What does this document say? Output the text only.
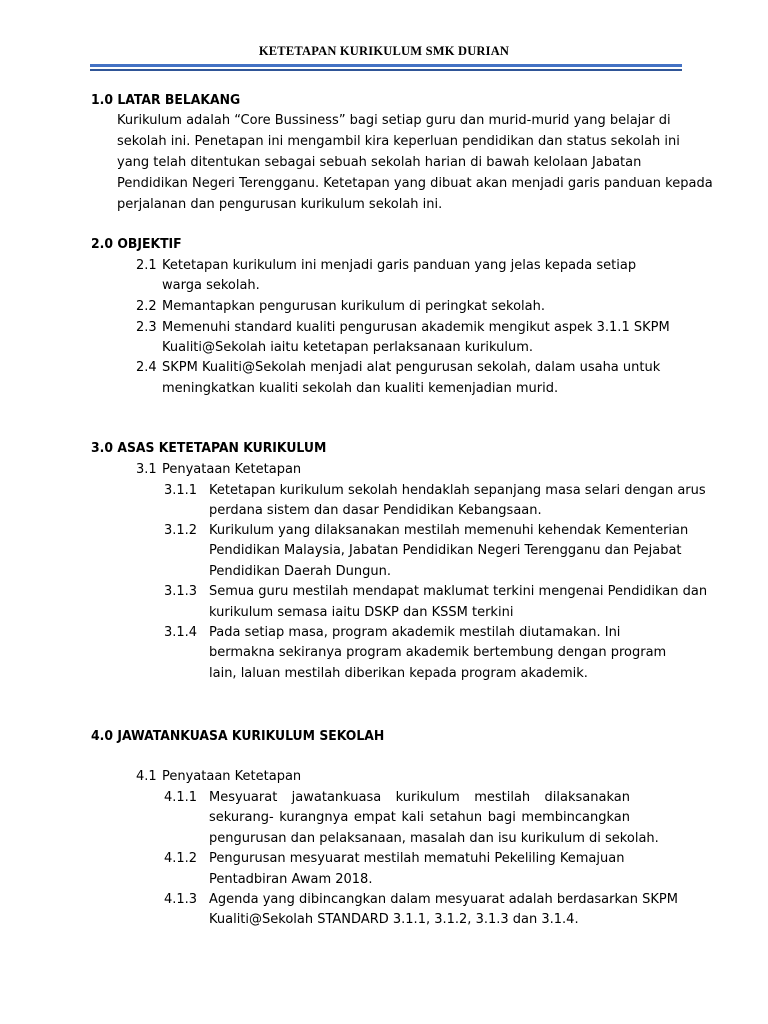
KETETAPAN KURIKULUM SMK DURIAN
1.0 LATAR BELAKANG
Kurikulum adalah “Core Bussiness” bagi setiap guru dan murid-murid yang belajar di
sekolah ini. Penetapan ini mengambil kira keperluan pendidikan dan status sekolah ini
yang telah ditentukan sebagai sebuah sekolah harian di bawah kelolaan Jabatan
Pendidikan Negeri Terengganu. Ketetapan yang dibuat akan menjadi garis panduan kepada
perjalanan dan pengurusan kurikulum sekolah ini.
2.0 OBJEKTIF
2.1 Ketetapan kurikulum ini menjadi garis panduan yang jelas kepada setiap
warga sekolah.
2.2 Memantapkan pengurusan kurikulum di peringkat sekolah.
2.3 Memenuhi standard kualiti pengurusan akademik mengikut aspek 3.1.1 SKPM
Kualiti@Sekolah iaitu ketetapan perlaksanaan kurikulum.
2.4 SKPM Kualiti@Sekolah menjadi alat pengurusan sekolah, dalam usaha untuk
meningkatkan kualiti sekolah dan kualiti kemenjadian murid.
3.0 ASAS KETETAPAN KURIKULUM
3.1 Penyataan Ketetapan
3.1.1 Ketetapan kurikulum sekolah hendaklah sepanjang masa selari dengan arus
perdana sistem dan dasar Pendidikan Kebangsaan.
3.1.2 Kurikulum yang dilaksanakan mestilah memenuhi kehendak Kementerian
Pendidikan Malaysia, Jabatan Pendidikan Negeri Terengganu dan Pejabat
Pendidikan Daerah Dungun.
3.1.3 Semua guru mestilah mendapat maklumat terkini mengenai Pendidikan dan
kurikulum semasa iaitu DSKP dan KSSM terkini
3.1.4 Pada setiap masa, program akademik mestilah diutamakan. Ini
bermakna sekiranya program akademik bertembung dengan program
lain, laluan mestilah diberikan kepada program akademik.
4.0 JAWATANKUASA KURIKULUM SEKOLAH
4.1 Penyataan Ketetapan
4.1.1 Mesyuarat jawatankuasa kurikulum mestilah dilaksanakan
sekurang- kurangnya empat kali setahun bagi membincangkan
pengurusan dan pelaksanaan, masalah dan isu kurikulum di sekolah.
4.1.2 Pengurusan mesyuarat mestilah mematuhi Pekeliling Kemajuan
Pentadbiran Awam 2018.
4.1.3 Agenda yang dibincangkan dalam mesyuarat adalah berdasarkan SKPM
Kualiti@Sekolah STANDARD 3.1.1, 3.1.2, 3.1.3 dan 3.1.4.
